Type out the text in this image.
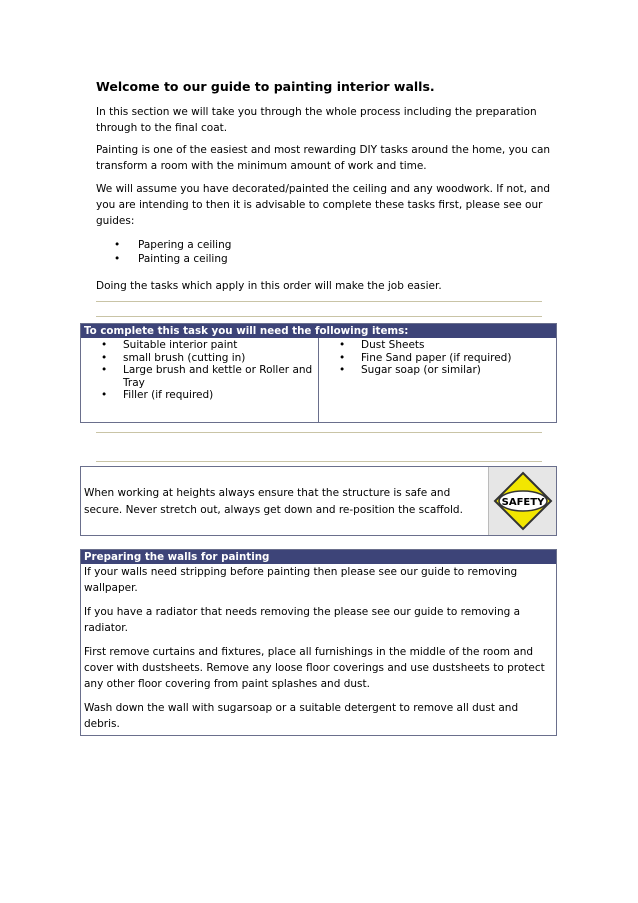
Welcome to our guide to painting interior walls.
In this section we will take you through the whole process including the preparation through to the final coat.
Painting is one of the easiest and most rewarding DIY tasks around the home, you can transform a room with the minimum amount of work and time.
We will assume you have decorated/painted the ceiling and any woodwork. If not, and you are intending to then it is advisable to complete these tasks first, please see our guides:
• Papering a ceiling
• Painting a ceiling
Doing the tasks which apply in this order will make the job easier.
To complete this task you will need the following items:
• Suitable interior paint
• small brush (cutting in)
• Large brush and kettle or Roller and Tray
• Filler (if required)
• Dust Sheets
• Fine Sand paper (if required)
• Sugar soap (or similar)
When working at heights always ensure that the structure is safe and secure. Never stretch out, always get down and re-position the scaffold.
SAFETY
Preparing the walls for painting

If your walls need stripping before painting then please see our guide to removing wallpaper.

If you have a radiator that needs removing the please see our guide to removing a radiator.

First remove curtains and fixtures, place all furnishings in the middle of the room and cover with dustsheets. Remove any loose floor coverings and use dustsheets to protect any other floor covering from paint splashes and dust.

Wash down the wall with sugarsoap or a suitable detergent to remove all dust and debris.
